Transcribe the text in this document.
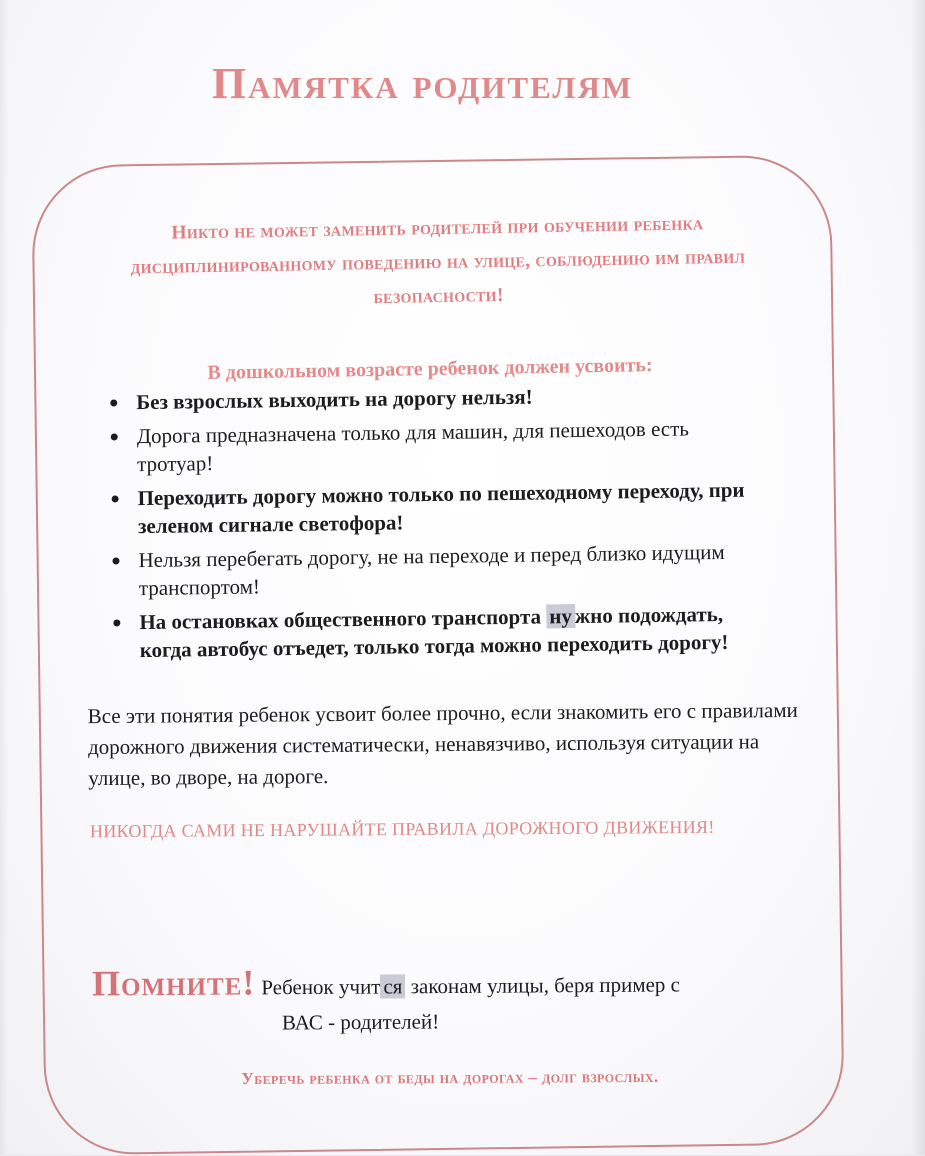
Памятка родителям
Никто не может заменить родителей при обучении ребенка дисциплинированному поведению на улице, соблюдению им правил безопасности!
В дошкольном возрасте ребенок должен усвоить:
Без взрослых выходить на дорогу нельзя!
Дорога предназначена только для машин, для пешеходов есть тротуар!
Переходить дорогу можно только по пешеходному переходу, при зеленом сигнале светофора!
Нельзя перебегать дорогу, не на переходе и перед близко идущим транспортом!
На остановках общественного транспорта ну жно подождать, когда автобус отъедет, только тогда можно переходить дорогу!
Все эти понятия ребенок усвоит более прочно, если знакомить его с правилами дорожного движения систематически, ненавязчиво, используя ситуации на улице, во дворе, на дороге.
НИКОГДА САМИ НЕ НАРУШАЙТЕ ПРАВИЛА ДОРОЖНОГО ДВИЖЕНИЯ!
Помните! Ребенок учит ся законам улицы, беря пример с
ВАС - родителей!
Уберечь ребенка от беды на дорогах – долг взрослых.
